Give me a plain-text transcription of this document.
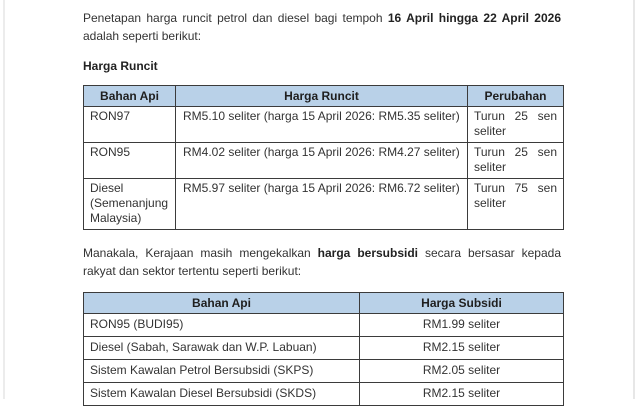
Penetapan harga runcit petrol dan diesel bagi tempoh 16 April hingga 22 April 2026 adalah seperti berikut:

Harga Runcit
Bahan Api	Harga Runcit	Perubahan
RON97	RM5.10 seliter (harga 15 April 2026: RM5.35 seliter)	Turun 25 sen seliter
RON95	RM4.02 seliter (harga 15 April 2026: RM4.27 seliter)	Turun 25 sen seliter
Diesel (Semenanjung Malaysia)	RM5.97 seliter (harga 15 April 2026: RM6.72 seliter)	Turun 75 sen seliter

Manakala, Kerajaan masih mengekalkan harga bersubsidi secara bersasar kepada rakyat dan sektor tertentu seperti berikut:

Bahan Api	Harga Subsidi
RON95 (BUDI95)	RM1.99 seliter
Diesel (Sabah, Sarawak dan W.P. Labuan)	RM2.15 seliter
Sistem Kawalan Petrol Bersubsidi (SKPS)	RM2.05 seliter
Sistem Kawalan Diesel Bersubsidi (SKDS)	RM2.15 seliter
